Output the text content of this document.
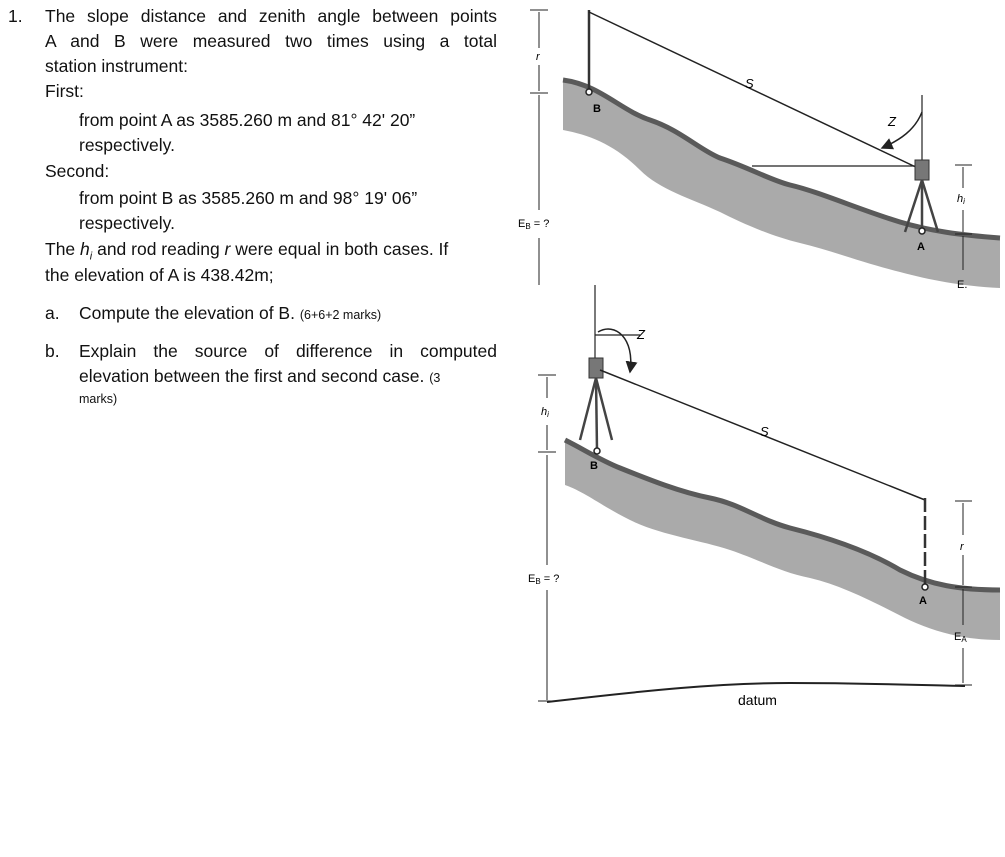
1. The slope distance and zenith angle between points
A and B were measured two times using a total
station instrument:
First:
from point A as 3585.260 m and 81° 42' 20”
respectively.
Second:
from point B as 3585.260 m and 98° 19' 06”
respectively.
The $h_i$ and rod reading r were equal in both cases. If
the elevation of A is 438.42m;
a. Compute the elevation of B. (6+6+2 marks)
b. Explain the source of difference in computed
elevation between the first and second case. (3
marks)
B
S
Z
A
r
EB = ?
hi
E.
Z
B
S
A
hi
EB = ?
r
EA
datum
